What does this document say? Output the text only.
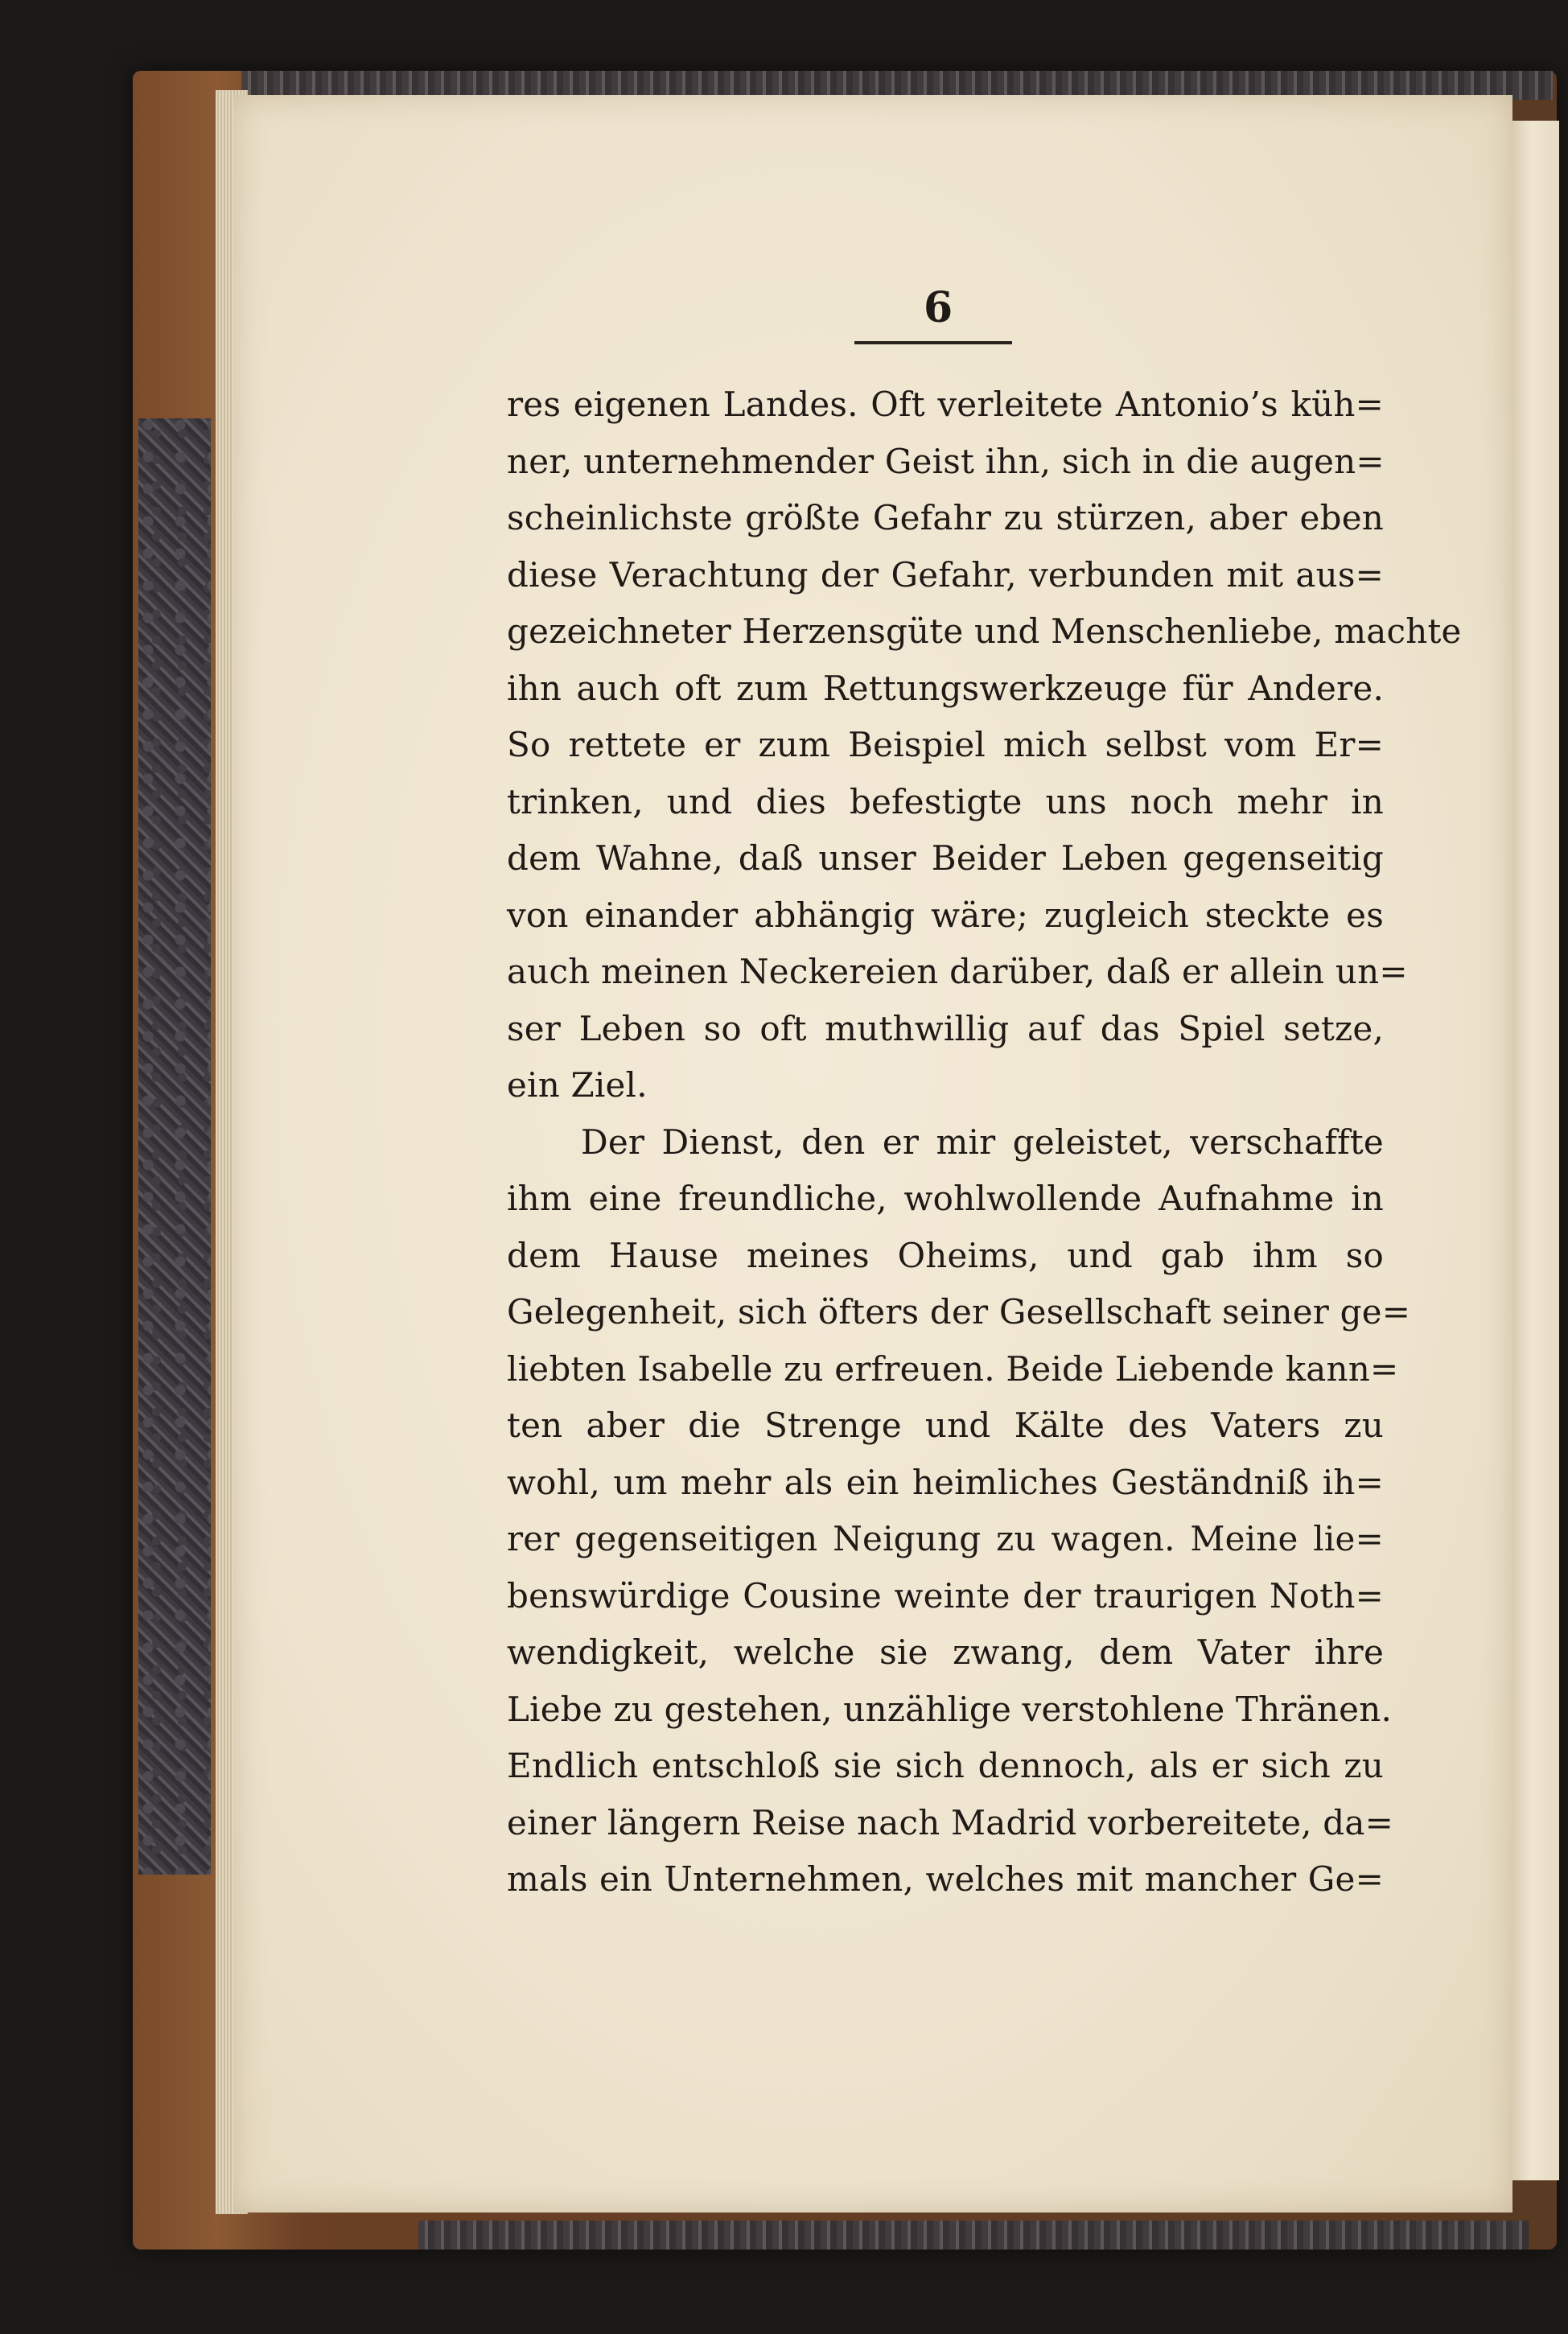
6
res eigenen Landes. Oft verleitete Antonio’s küh=
ner, unternehmender Geist ihn, sich in die augen=
scheinlichste größte Gefahr zu stürzen, aber eben
diese Verachtung der Gefahr, verbunden mit aus=
gezeichneter Herzensgüte und Menschenliebe, machte
ihn auch oft zum Rettungswerkzeuge für Andere.
So rettete er zum Beispiel mich selbst vom Er=
trinken, und dies befestigte uns noch mehr in
dem Wahne, daß unser Beider Leben gegenseitig
von einander abhängig wäre; zugleich steckte es
auch meinen Neckereien darüber, daß er allein un=
ser Leben so oft muthwillig auf das Spiel setze,
ein Ziel.
Der Dienst, den er mir geleistet, verschaffte
ihm eine freundliche, wohlwollende Aufnahme in
dem Hause meines Oheims, und gab ihm so
Gelegenheit, sich öfters der Gesellschaft seiner ge=
liebten Isabelle zu erfreuen. Beide Liebende kann=
ten aber die Strenge und Kälte des Vaters zu
wohl, um mehr als ein heimliches Geständniß ih=
rer gegenseitigen Neigung zu wagen. Meine lie=
benswürdige Cousine weinte der traurigen Noth=
wendigkeit, welche sie zwang, dem Vater ihre
Liebe zu gestehen, unzählige verstohlene Thränen.
Endlich entschloß sie sich dennoch, als er sich zu
einer längern Reise nach Madrid vorbereitete, da=
mals ein Unternehmen, welches mit mancher Ge=
